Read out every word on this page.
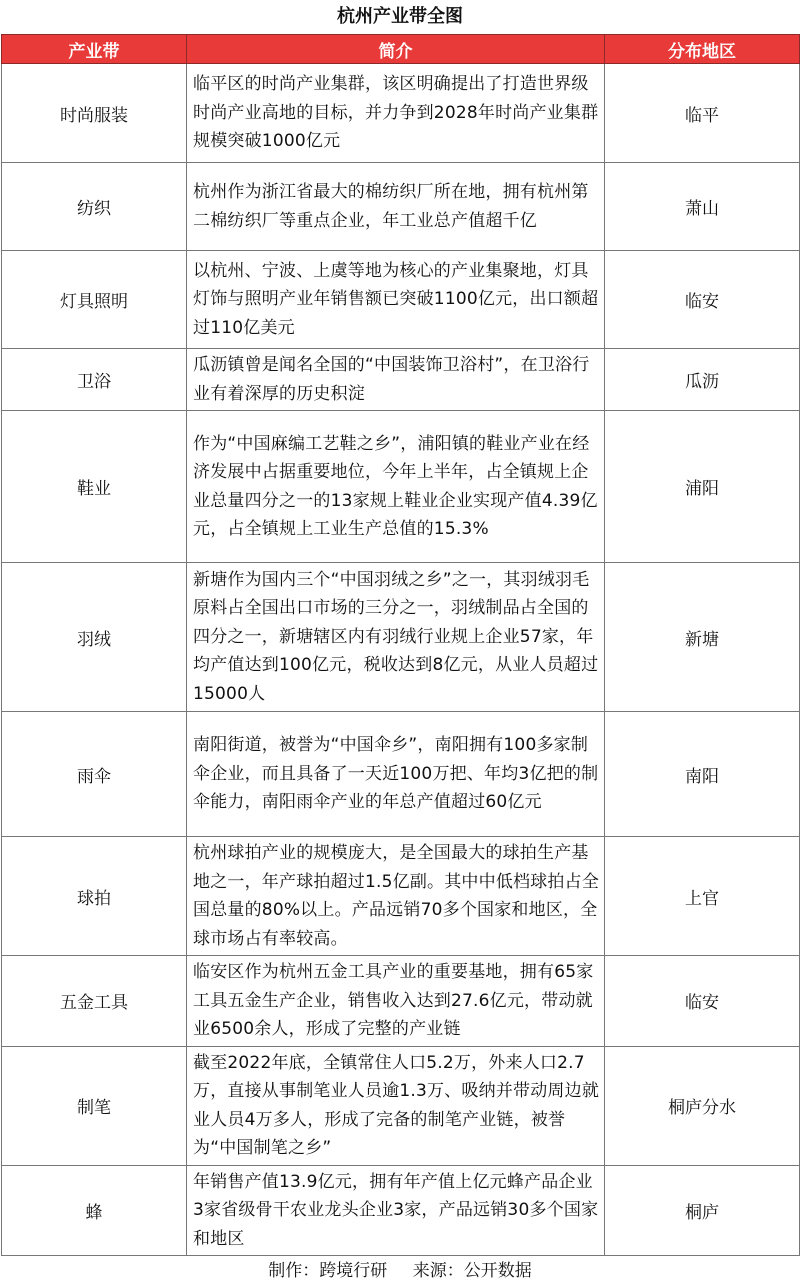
杭州产业带全图
产业带	简介	分布地区
时尚服装	临平区的时尚产业集群，该区明确提出了打造世界级时尚产业高地的目标，并力争到2028年时尚产业集群规模突破1000亿元	临平
纺织	杭州作为浙江省最大的棉纺织厂所在地，拥有杭州第二棉纺织厂等重点企业，年工业总产值超千亿	萧山
灯具照明	以杭州、宁波、上虞等地为核心的产业集聚地，灯具灯饰与照明产业年销售额已突破1100亿元，出口额超过110亿美元	临安
卫浴	瓜沥镇曾是闻名全国的“中国装饰卫浴村”，在卫浴行业有着深厚的历史积淀	瓜沥
鞋业	作为“中国麻编工艺鞋之乡”，浦阳镇的鞋业产业在经济发展中占据重要地位，今年上半年，占全镇规上企业总量四分之一的13家规上鞋业企业实现产值4.39亿元，占全镇规上工业生产总值的15.3%	浦阳
羽绒	新塘作为国内三个“中国羽绒之乡”之一，其羽绒羽毛原料占全国出口市场的三分之一，羽绒制品占全国的四分之一，新塘辖区内有羽绒行业规上企业57家，年均产值达到100亿元，税收达到8亿元，从业人员超过15000人	新塘
雨伞	南阳街道，被誉为“中国伞乡”，南阳拥有100多家制伞企业，而且具备了一天近100万把、年均3亿把的制伞能力，南阳雨伞产业的年总产值超过60亿元	南阳
球拍	杭州球拍产业的规模庞大，是全国最大的球拍生产基地之一，年产球拍超过1.5亿副。其中中低档球拍占全国总量的80%以上。产品远销70多个国家和地区，全球市场占有率较高。	上官
五金工具	临安区作为杭州五金工具产业的重要基地，拥有65家工具五金生产企业，销售收入达到27.6亿元，带动就业6500余人，形成了完整的产业链	临安
制笔	截至2022年底，全镇常住人口5.2万，外来人口2.7万，直接从事制笔业人员逾1.3万、吸纳并带动周边就业人员4万多人，形成了完备的制笔产业链，被誉为“中国制笔之乡”	桐庐分水
蜂	年销售产值13.9亿元，拥有年产值上亿元蜂产品企业3家省级骨干农业龙头企业3家，产品远销30多个国家和地区	桐庐
制作：跨境行研 来源：公开数据
